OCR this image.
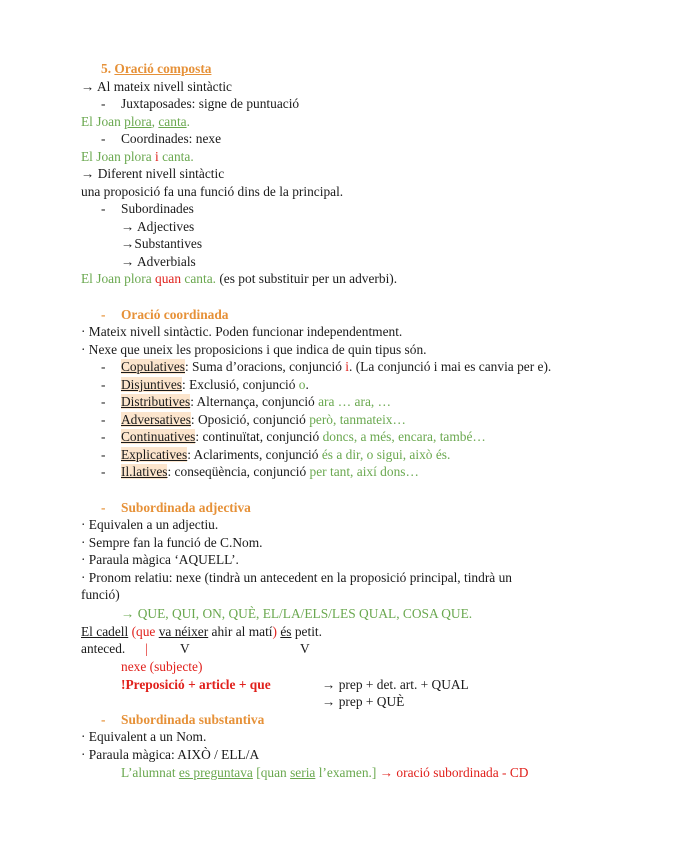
5. Oració composta
→ Al mateix nivell sintàctic
- Juxtaposades: signe de puntuació
El Joan plora, canta.
- Coordinades: nexe
El Joan plora i canta.
→ Diferent nivell sintàctic
una proposició fa una funció dins de la principal.
- Subordinades
→ Adjectives
→Substantives
→ Adverbials
El Joan plora quan canta. (es pot substituir per un adverbi).
- Oració coordinada
· Mateix nivell sintàctic. Poden funcionar independentment.
· Nexe que uneix les proposicions i que indica de quin tipus són.
- Copulatives: Suma d’oracions, conjunció i. (La conjunció i mai es canvia per e).
- Disjuntives: Exclusió, conjunció o.
- Distributives: Alternança, conjunció ara … ara, …
- Adversatives: Oposició, conjunció però, tanmateix…
- Continuatives: continuïtat, conjunció doncs, a més, encara, també…
- Explicatives: Aclariments, conjunció és a dir, o sigui, això és.
- Il.latives: conseqüència, conjunció per tant, així dons…
- Subordinada adjectiva
· Equivalen a un adjectiu.
· Sempre fan la funció de C.Nom.
· Paraula màgica ‘AQUELL’.
· Pronom relatiu: nexe (tindrà un antecedent en la proposició principal, tindrà un
funció)
→ QUE, QUI, ON, QUÈ, EL/LA/ELS/LES QUAL, COSA QUE.
El cadell (que va néixer ahir al matí) és petit.
anteced. | V	V
nexe (subjecte)
!Preposició + article + que	→ prep + det. art. + QUAL
→ prep + QUÈ
- Subordinada substantiva
· Equivalent a un Nom.
· Paraula màgica: AIXÒ / ELL/A
L’alumnat es preguntava [quan seria l’examen.] → oració subordinada - CD
